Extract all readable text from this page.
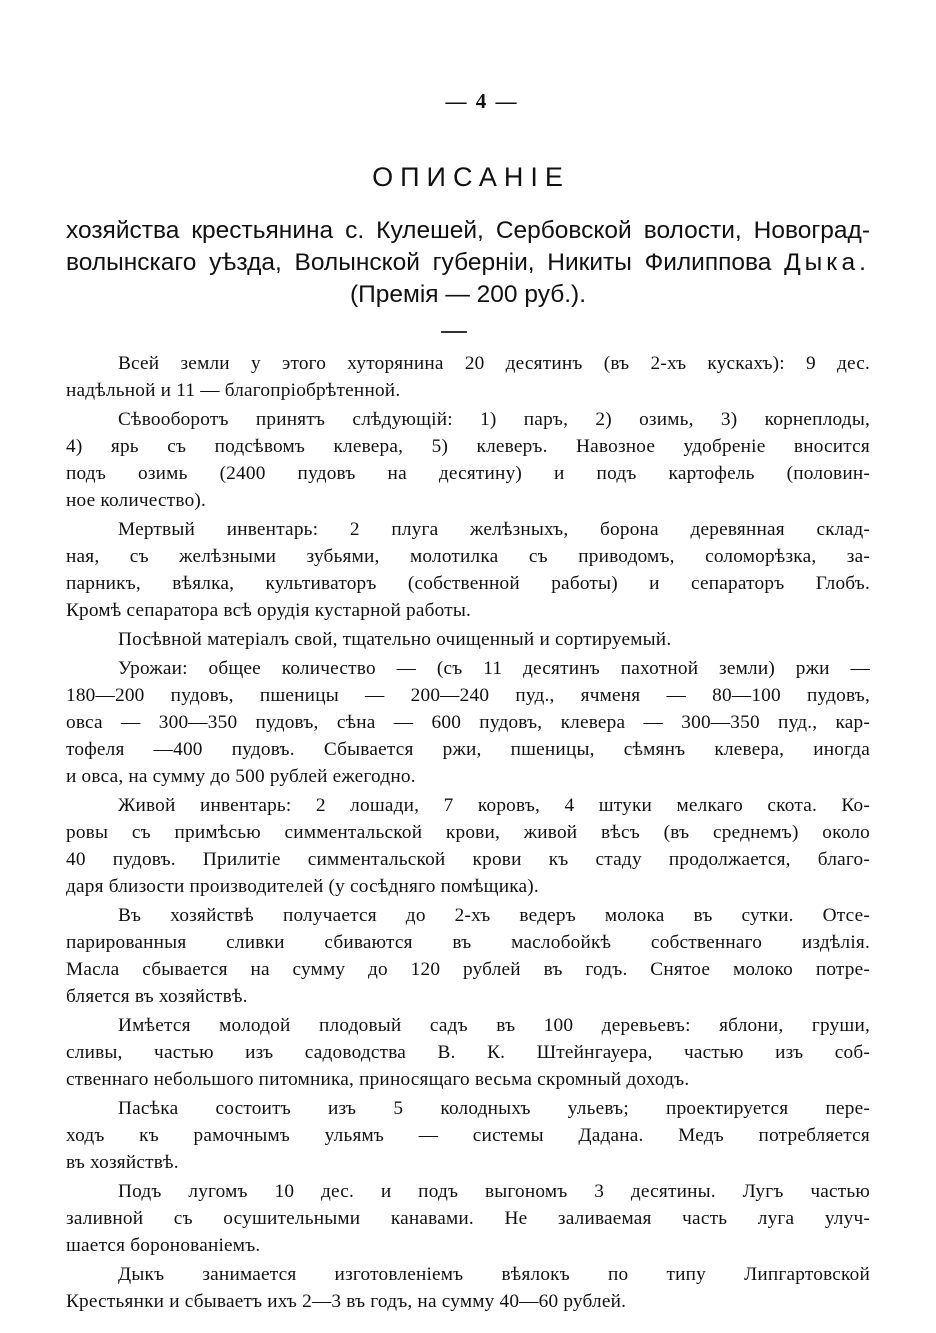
— 4 —
ОПИСАНІЕ
хозяйства крестьянина с. Кулешей, Сербовской волости, Новоград-
волынскаго уѣзда, Волынской губерніи, Никиты Филиппова Дыка.
(Премія — 200 руб.).
Всей земли у этого хуторянина 20 десятинъ (въ 2-хъ кускахъ): 9 дес.
надѣльной и 11 — благопріобрѣтенной.
Сѣвооборотъ принятъ слѣдующій: 1) паръ, 2) озимь, 3) корнеплоды,
4) ярь съ подсѣвомъ клевера, 5) клеверъ. Навозное удобреніе вносится
подъ озимь (2400 пудовъ на десятину) и подъ картофель (половин-
ное количество).
Мертвый инвентарь: 2 плуга желѣзныхъ, борона деревянная склад-
ная, съ желѣзными зубьями, молотилка съ приводомъ, соломорѣзка, за-
парникъ, вѣялка, культиваторъ (собственной работы) и сепараторъ Глобъ.
Кромѣ сепаратора всѣ орудія кустарной работы.
Посѣвной матеріалъ свой, тщательно очищенный и сортируемый.
Урожаи: общее количество — (съ 11 десятинъ пахотной земли) ржи —
180—200 пудовъ, пшеницы — 200—240 пуд., ячменя — 80—100 пудовъ,
овса — 300—350 пудовъ, сѣна — 600 пудовъ, клевера — 300—350 пуд., кар-
тофеля —400 пудовъ. Сбывается ржи, пшеницы, сѣмянъ клевера, иногда
и овса, на сумму до 500 рублей ежегодно.
Живой инвентарь: 2 лошади, 7 коровъ, 4 штуки мелкаго скота. Ко-
ровы съ примѣсью симментальской крови, живой вѣсъ (въ среднемъ) около
40 пудовъ. Прилитіе симментальской крови къ стаду продолжается, благо-
даря близости производителей (у сосѣдняго помѣщика).
Въ хозяйствѣ получается до 2-хъ ведеръ молока въ сутки. Отсе-
парированныя сливки сбиваются въ маслобойкѣ собственнаго издѣлія.
Масла сбывается на сумму до 120 рублей въ годъ. Снятое молоко потре-
бляется въ хозяйствѣ.
Имѣется молодой плодовый садъ въ 100 деревьевъ: яблони, груши,
сливы, частью изъ садоводства В. К. Штейнгауера, частью изъ соб-
ственнаго небольшого питомника, приносящаго весьма скромный доходъ.
Пасѣка состоитъ изъ 5 колодныхъ ульевъ; проектируется пере-
ходъ къ рамочнымъ ульямъ — системы Дадана. Медъ потребляется
въ хозяйствѣ.
Подъ лугомъ 10 дес. и подъ выгономъ 3 десятины. Лугъ частью
заливной съ осушительными канавами. Не заливаемая часть луга улуч-
шается боронованіемъ.
Дыкъ занимается изготовленіемъ вѣялокъ по типу Липгартовской
Крестьянки и сбываетъ ихъ 2—3 въ годъ, на сумму 40—60 рублей.
